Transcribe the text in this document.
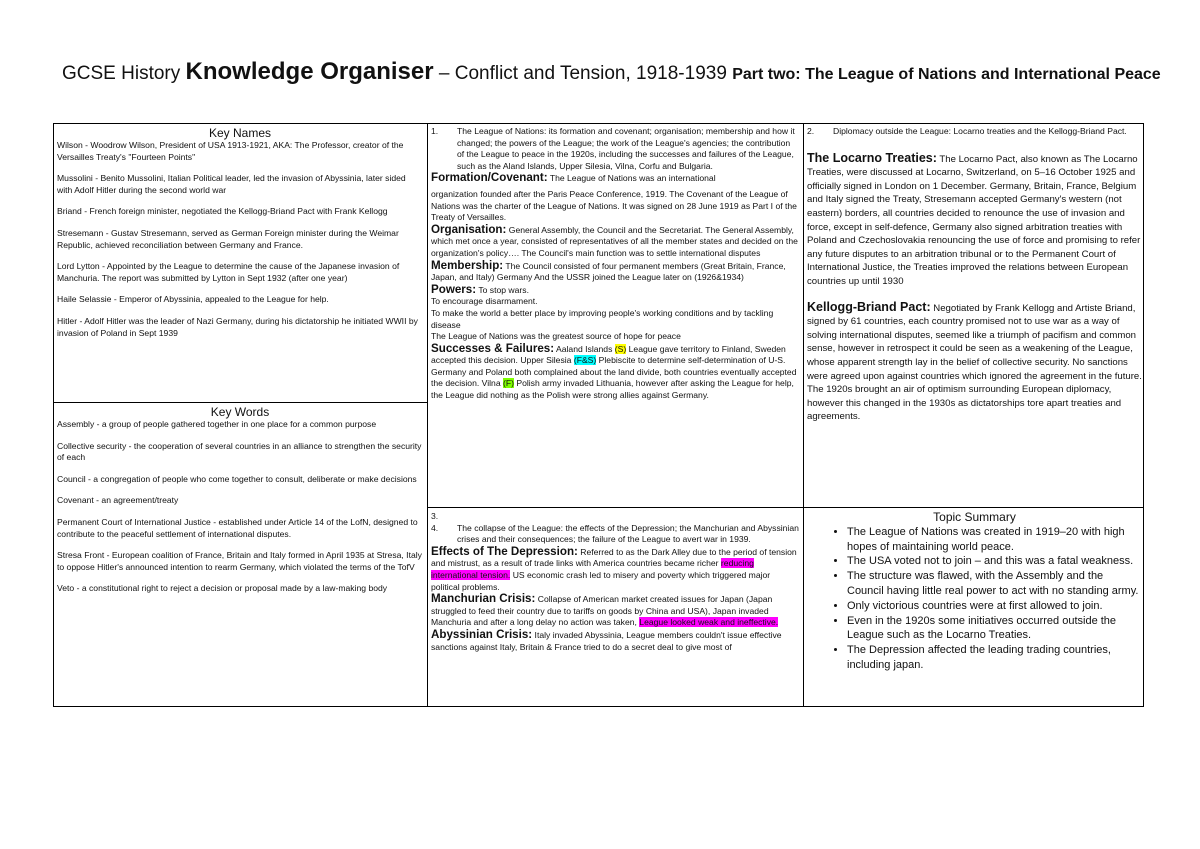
GCSE History Knowledge Organiser – Conflict and Tension, 1918-1939 Part two: The League of Nations and International Peace
Key Names

Wilson - Woodrow Wilson, President of USA 1913-1921, AKA: The Professor, creator of the Versailles Treaty's "Fourteen Points"

Mussolini - Benito Mussolini, Italian Political leader, led the invasion of Abyssinia, later sided with Adolf Hitler during the second world war

Briand - French foreign minister, negotiated the Kellogg-Briand Pact with Frank Kellogg

Stresemann - Gustav Stresemann, served as German Foreign minister during the Weimar Republic, achieved reconciliation between Germany and France.

Lord Lytton - Appointed by the League to determine the cause of the Japanese invasion of Manchuria. The report was submitted by Lytton in Sept 1932 (after one year)

Haile Selassie - Emperor of Abyssinia, appealed to the League for help.

Hitler - Adolf Hitler was the leader of Nazi Germany, during his dictatorship he initiated WWII by invasion of Poland in Sept 1939

Key Words

Assembly - a group of people gathered together in one place for a common purpose

Collective security - the cooperation of several countries in an alliance to strengthen the security of each

Council - a congregation of people who come together to consult, deliberate or make decisions

Covenant - an agreement/treaty

Permanent Court of International Justice - established under Article 14 of the LofN, designed to contribute to the peaceful settlement of international disputes.

Stresa Front - European coalition of France, Britain and Italy formed in April 1935 at Stresa, Italy to oppose Hitler's announced intention to rearm Germany, which violated the terms of the TofV

Veto - a constitutional right to reject a decision or proposal made by a law-making body

1.	The League of Nations: its formation and covenant; organisation; membership and how it changed; the powers of the League; the work of the League's agencies; the contribution of the League to peace in the 1920s, including the successes and failures of the League, such as the Aland Islands, Upper Silesia, Vilna, Corfu and Bulgaria.

Formation/Covenant: The League of Nations was an international

organization founded after the Paris Peace Conference, 1919. The Covenant of the League of Nations was the charter of the League of Nations. It was signed on 28 June 1919 as Part I of the Treaty of Versailles.

Organisation: General Assembly, the Council and the Secretariat. The General Assembly, which met once a year, consisted of representatives of all the member states and decided on the organization's policy…. The Council's main function was to settle international disputes

Membership: The Council consisted of four permanent members (Great Britain, France, Japan, and Italy) Germany And the USSR joined the League later on (1926&1934)

Powers: To stop wars.

To encourage disarmament.

To make the world a better place by improving people's working conditions and by tackling disease

The League of Nations was the greatest source of hope for peace

Successes & Failures: Aaland Islands (S) League gave territory to Finland, Sweden accepted this decision. Upper Silesia (F&S) Plebiscite to determine self-determination of U-S. Germany and Poland both complained about the land divide, both countries eventually accepted the decision. Vilna (F) Polish army invaded Lithuania, however after asking the League for help, the League did nothing as the Polish were strong allies against Germany.

2.	Diplomacy outside the League: Locarno treaties and the Kellogg-Briand Pact.

The Locarno Treaties: The Locarno Pact, also known as The Locarno Treaties, were discussed at Locarno, Switzerland, on 5–16 October 1925 and officially signed in London on 1 December. Germany, Britain, France, Belgium and Italy signed the Treaty, Stresemann accepted Germany's western (not eastern) borders, all countries decided to renounce the use of invasion and force, except in self-defence, Germany also signed arbitration treaties with Poland and Czechoslovakia renouncing the use of force and promising to refer any future disputes to an arbitration tribunal or to the Permanent Court of International Justice, the Treaties improved the relations between European countries up until 1930

Kellogg-Briand Pact: Negotiated by Frank Kellogg and Artiste Briand, signed by 61 countries, each country promised not to use war as a way of solving international disputes, seemed like a triumph of pacifism and common sense, however in retrospect it could be seen as a weakening of the League, whose apparent strength lay in the belief of collective security. No sanctions were agreed upon against countries which ignored the agreement in the future. The 1920s brought an air of optimism surrounding European diplomacy, however this changed in the 1930s as dictatorships tore apart treaties and agreements.

3.
4.	The collapse of the League: the effects of the Depression; the Manchurian and Abyssinian crises and their consequences; the failure of the League to avert war in 1939.

Effects of The Depression: Referred to as the Dark Alley due to the period of tension and mistrust, as a result of trade links with America countries became richer reducing international tension. US economic crash led to misery and poverty which triggered major political problems.

Manchurian Crisis: Collapse of American market created issues for Japan (Japan struggled to feed their country due to tariffs on goods by China and USA), Japan invaded Manchuria and after a long delay no action was taken, League looked weak and ineffective.

Abyssinian Crisis: Italy invaded Abyssinia, League members couldn't issue effective sanctions against Italy, Britain & France tried to do a secret deal to give most of

Topic Summary
• The League of Nations was created in 1919–20 with high hopes of maintaining world peace.
• The USA voted not to join – and this was a fatal weakness.
• The structure was flawed, with the Assembly and the Council having little real power to act with no standing army.
• Only victorious countries were at first allowed to join.
• Even in the 1920s some initiatives occurred outside the League such as the Locarno Treaties.
• The Depression affected the leading trading countries, including japan.
